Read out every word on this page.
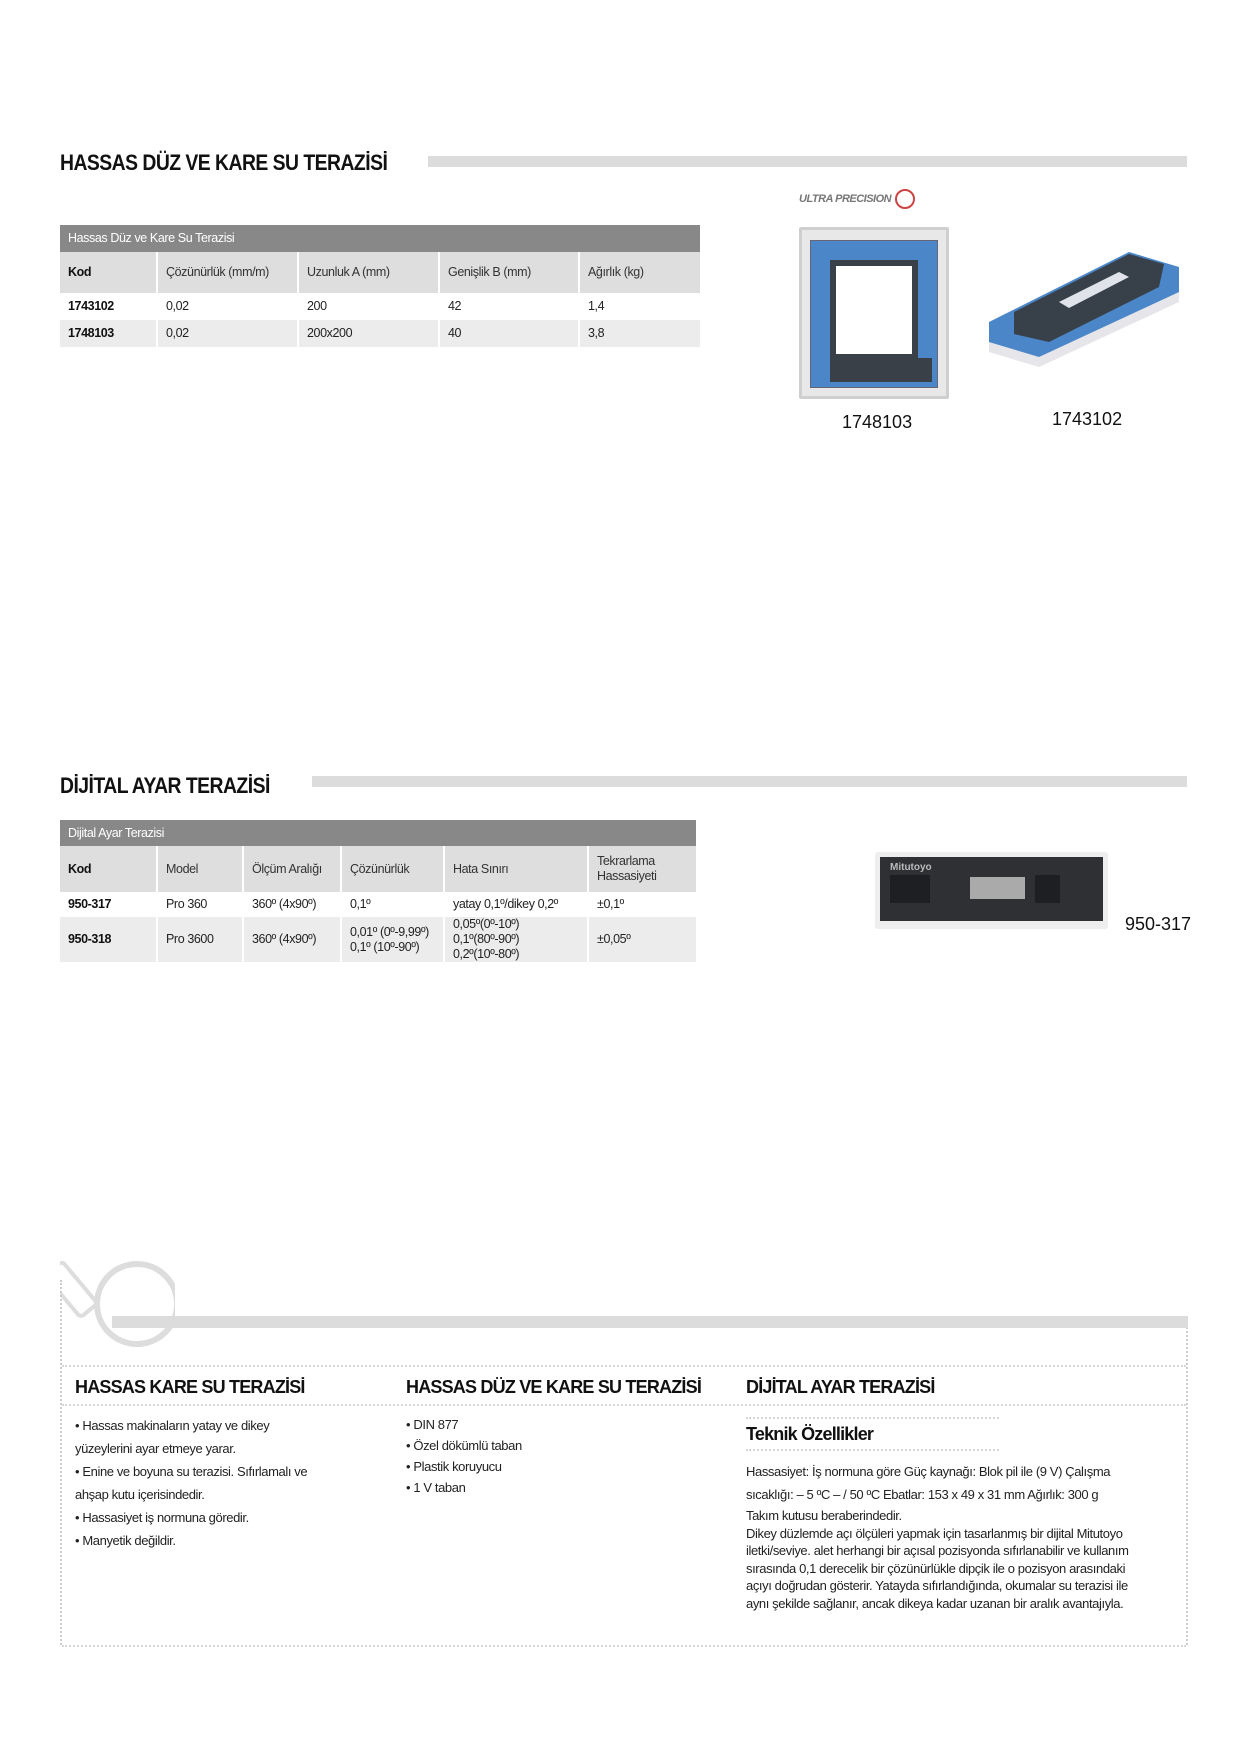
HASSAS DÜZ VE KARE SU TERAZİSİ
Hassas Düz ve Kare Su Terazisi				
Kod	Çözünürlük (mm/m)	Uzunluk A (mm)	Genişlik B (mm)	Ağırlık (kg)
1743102	0,02	200	42	1,4
1748103	0,02	200x200	40	3,8
ULTRA PRECISION
1748103	1743102
DİJİTAL AYAR TERAZİSİ
Dijital Ayar Terazisi					
Kod	Model	Ölçüm Aralığı	Çözünürlük	Hata Sınırı	Tekrarlama Hassasiyeti
950-317	Pro 360	360º (4x90º)	0,1º	yatay 0,1º/dikey 0,2º	±0,1º
950-318	Pro 3600	360º (4x90º)	0,01º (0º-9,99º) 0,1º (10º-90º)	0,05º(0º-10º) 0,1º(80º-90º) 0,2º(10º-80º)	±0,05º
Mitutoyo
950-317
HASSAS KARE SU TERAZİSİ	HASSAS DÜZ VE KARE SU TERAZİSİ DİJİTAL AYAR TERAZİSİ
• Hassas makinaların yatay ve dikey
yüzeylerini ayar etmeye yarar.
• Enine ve boyuna su terazisi. Sıfırlamalı ve
ahşap kutu içerisindedir.
• Hassasiyet iş normuna göredir.
• Manyetik değildir.
• DIN 877
• Özel dökümlü taban
• Plastik koruyucu
• 1 V taban
Teknik Özellikler
Hassasiyet: İş normuna göre Güç kaynağı: Blok pil ile (9 V) Çalışma
sıcaklığı: – 5 ºC – / 50 ºC Ebatlar: 153 x 49 x 31 mm Ağırlık: 300 g
Takım kutusu beraberindedir.
Dikey düzlemde açı ölçüleri yapmak için tasarlanmış bir dijital Mitutoyo
iletki/seviye. alet herhangi bir açısal pozisyonda sıfırlanabilir ve kullanım
sırasında 0,1 derecelik bir çözünürlükle dipçik ile o pozisyon arasındaki
açıyı doğrudan gösterir. Yatayda sıfırlandığında, okumalar su terazisi ile
aynı şekilde sağlanır, ancak dikeya kadar uzanan bir aralık avantajıyla.
